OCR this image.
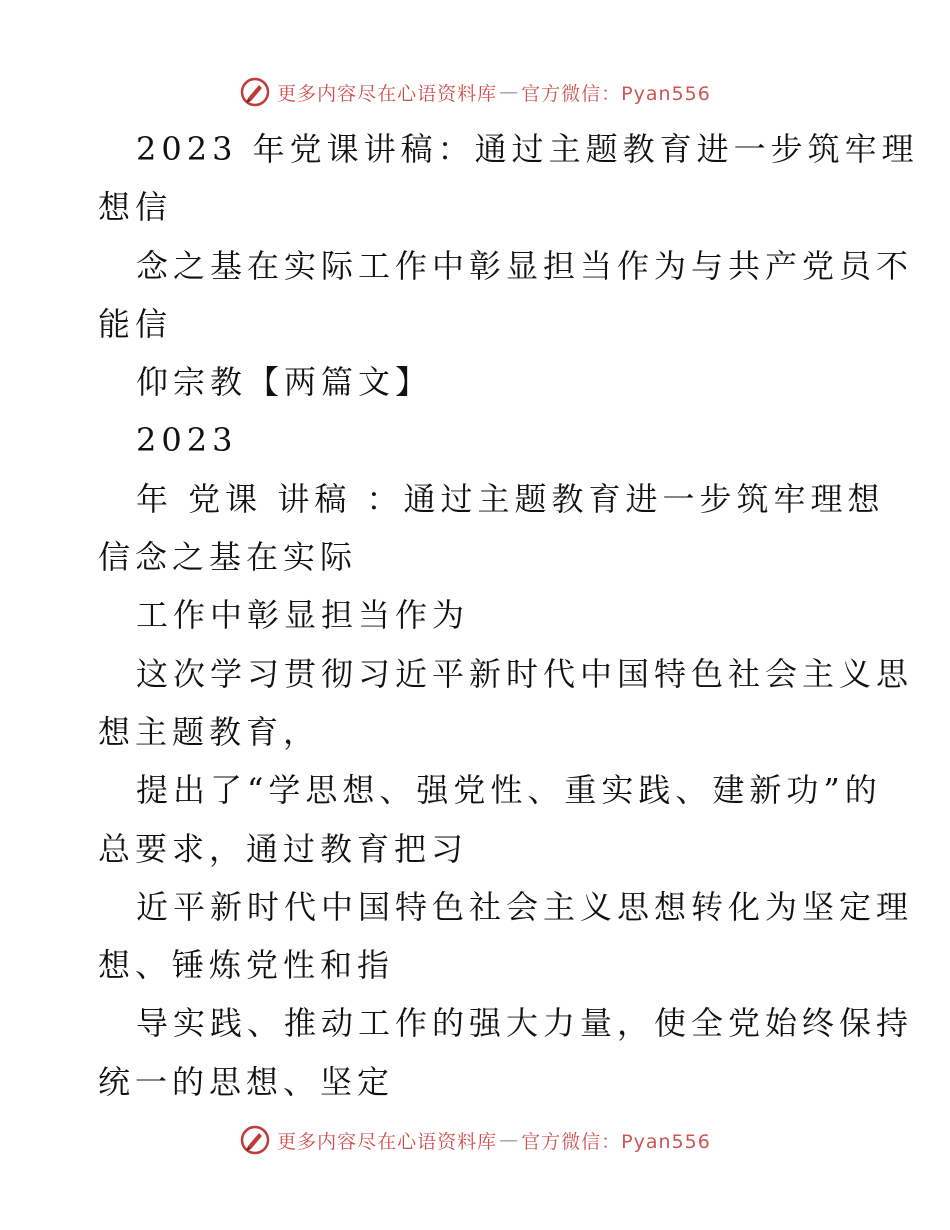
更多内容尽在心语资料库 — 官方微信：Pyan556
2023 年党课讲稿：通过主题教育进一步筑牢理
想信
念之基在实际工作中彰显担当作为与共产党员不
能信
仰宗教【两篇文】
2023
年 党课 讲稿 ：通过主题教育进一步筑牢理想
信念之基在实际
工作中彰显担当作为
这次学习贯彻习近平新时代中国特色社会主义思
想主题教育，
提出了“学思想、强党性、重实践、建新功”的
总要求，通过教育把习
近平新时代中国特色社会主义思想转化为坚定理
想、锤炼党性和指
导实践、推动工作的强大力量，使全党始终保持
统一的思想、坚定
更多内容尽在心语资料库 — 官方微信：Pyan556
